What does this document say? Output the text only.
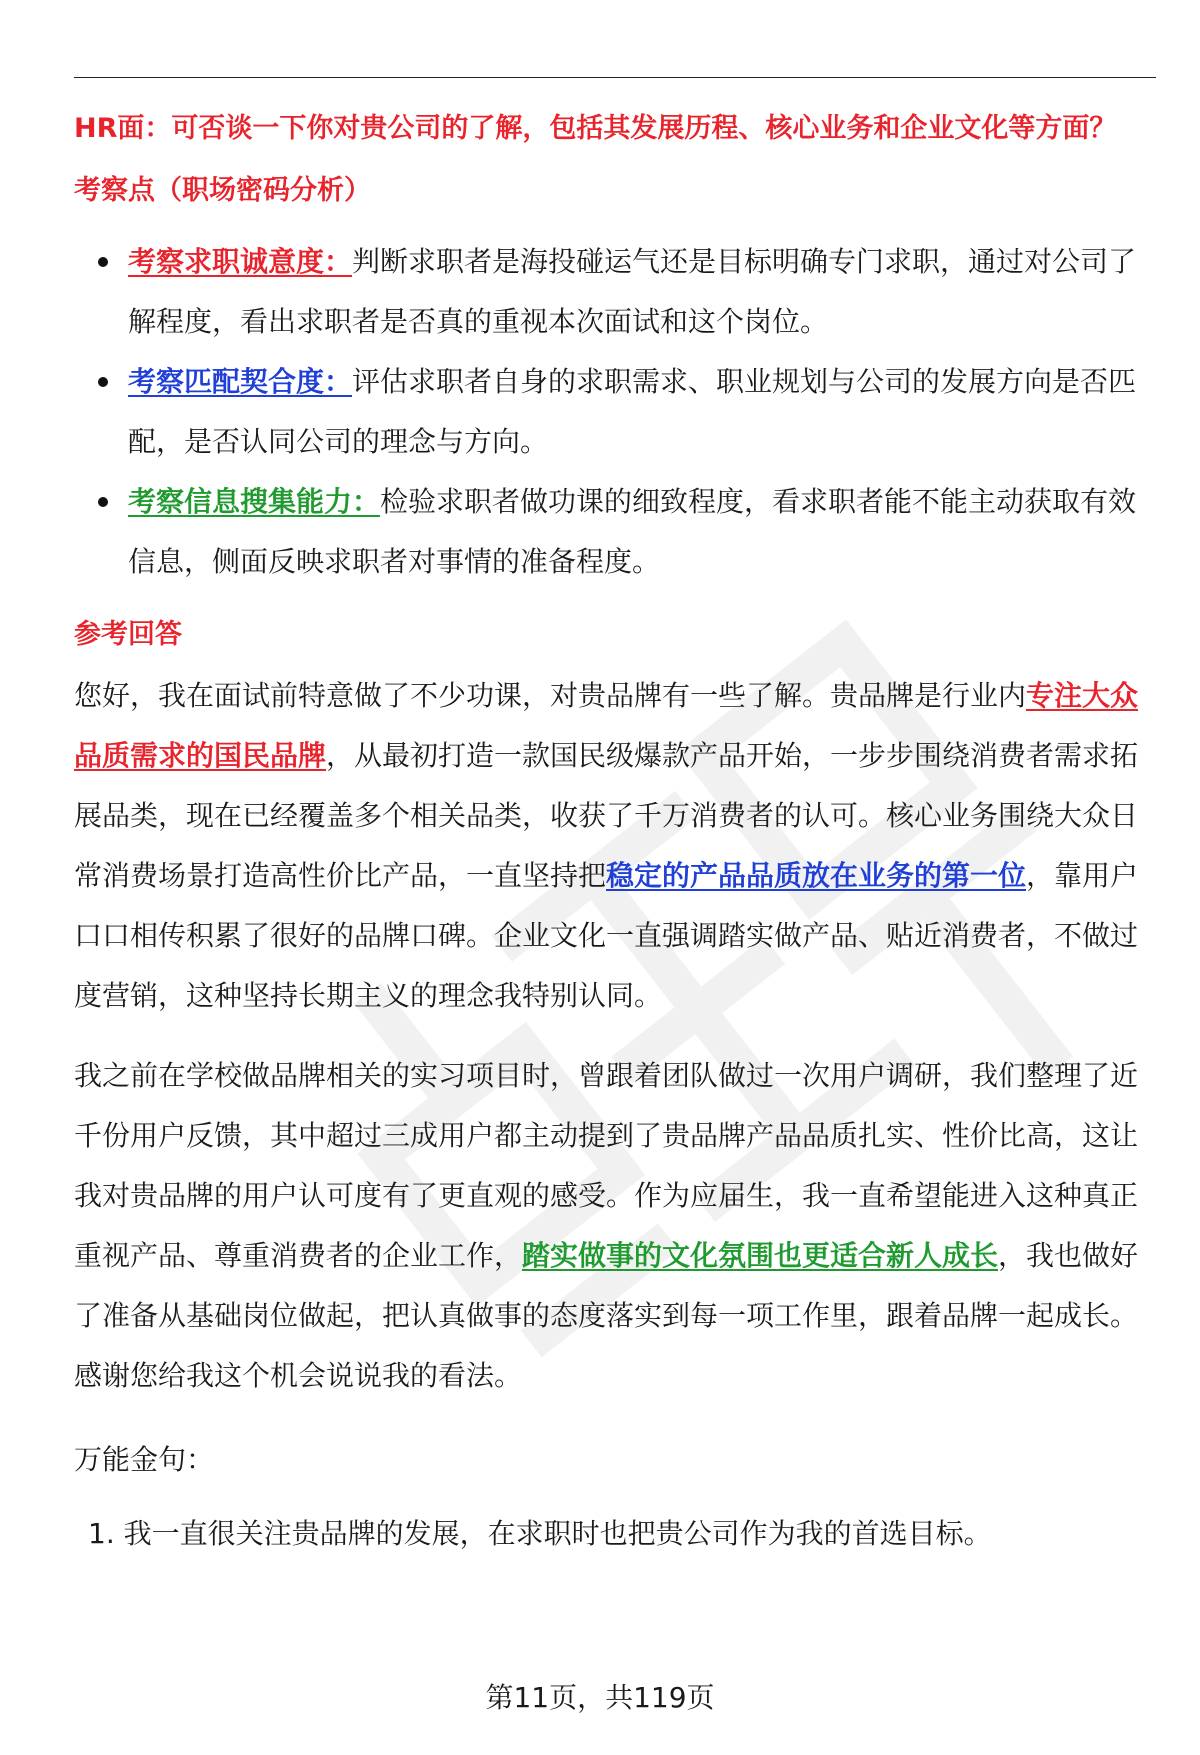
HR面：可否谈一下你对贵公司的了解，包括其发展历程、核心业务和企业文化等方面？

考察点（职场密码分析）

考察求职诚意度：判断求职者是海投碰运气还是目标明确专门求职，通过对公司了解程度，看出求职者是否真的重视本次面试和这个岗位。
考察匹配契合度：评估求职者自身的求职需求、职业规划与公司的发展方向是否匹配，是否认同公司的理念与方向。
考察信息搜集能力：检验求职者做功课的细致程度，看求职者能不能主动获取有效信息，侧面反映求职者对事情的准备程度。

参考回答

您好，我在面试前特意做了不少功课，对贵品牌有一些了解。贵品牌是行业内专注大众品质需求的国民品牌，从最初打造一款国民级爆款产品开始，一步步围绕消费者需求拓展品类，现在已经覆盖多个相关品类，收获了千万消费者的认可。核心业务围绕大众日常消费场景打造高性价比产品，一直坚持把稳定的产品品质放在业务的第一位，靠用户口口相传积累了很好的品牌口碑。企业文化一直强调踏实做产品、贴近消费者，不做过度营销，这种坚持长期主义的理念我特别认同。

我之前在学校做品牌相关的实习项目时，曾跟着团队做过一次用户调研，我们整理了近千份用户反馈，其中超过三成用户都主动提到了贵品牌产品品质扎实、性价比高，这让我对贵品牌的用户认可度有了更直观的感受。作为应届生，我一直希望能进入这种真正重视产品、尊重消费者的企业工作，踏实做事的文化氛围也更适合新人成长，我也做好了准备从基础岗位做起，把认真做事的态度落实到每一项工作里，跟着品牌一起成长。感谢您给我这个机会说说我的看法。

万能金句：

1. 我一直很关注贵品牌的发展，在求职时也把贵公司作为我的首选目标。
第11页，共119页
